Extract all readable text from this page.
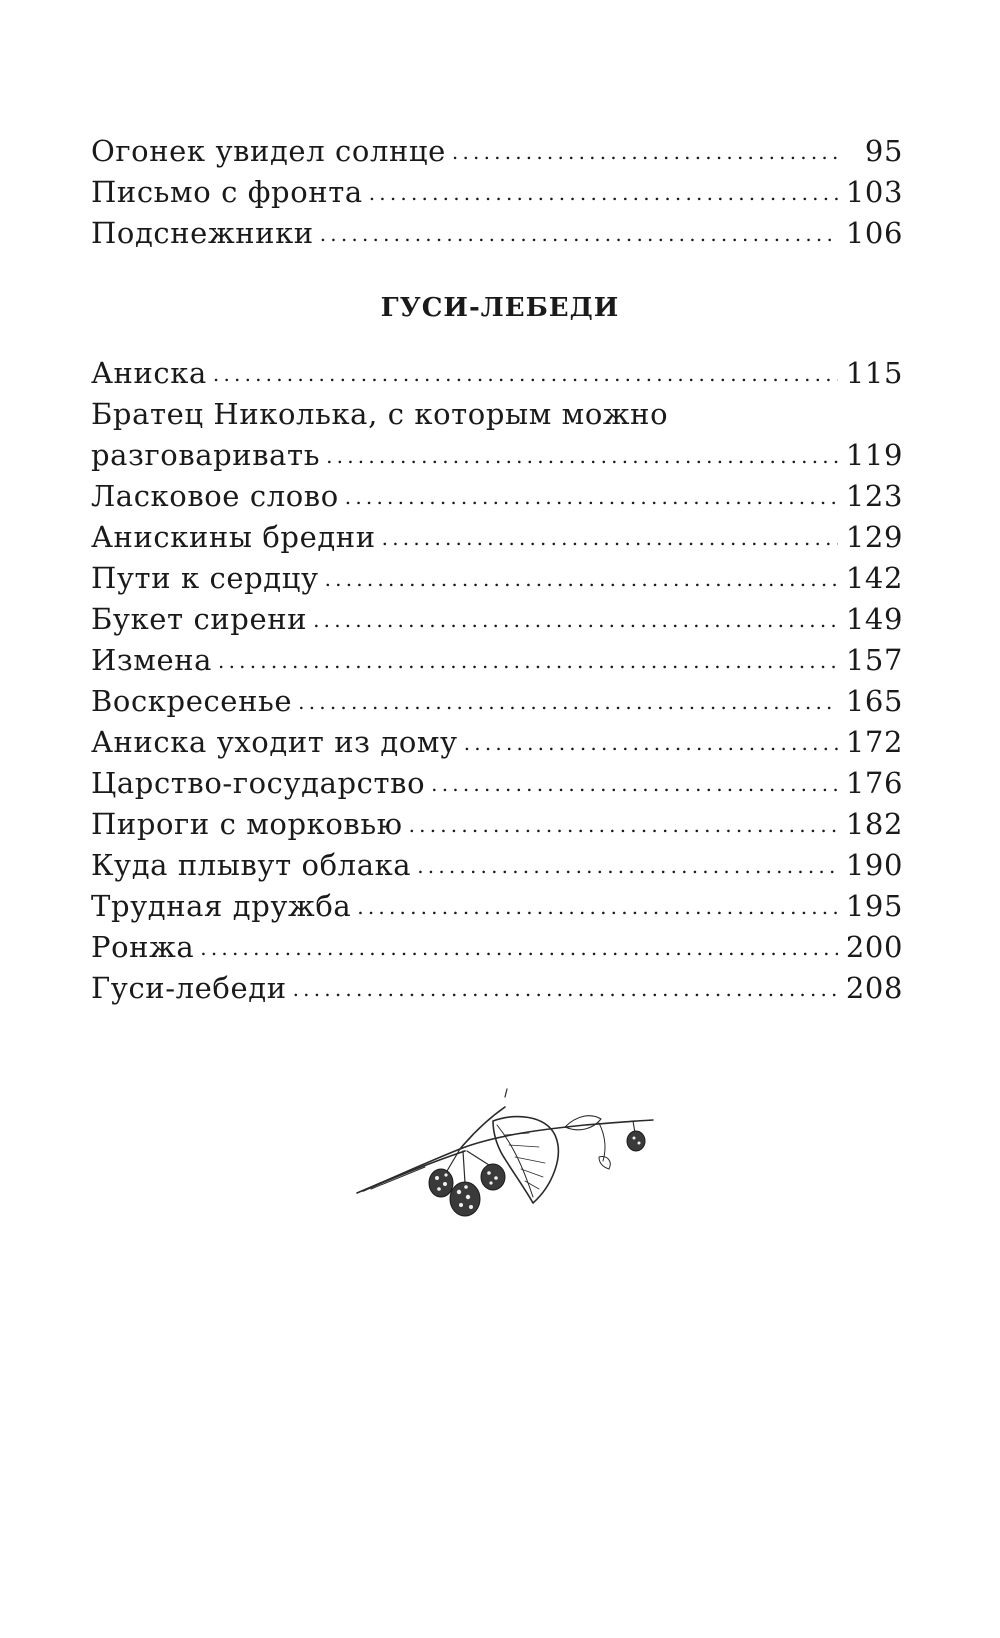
Огонек увидел солнце .....	95
Письмо с фронта .....	103
Подснежники .....	106
ГУСИ-ЛЕБЕДИ
Аниска .....	115
Братец Николька, с которым можно
разговаривать .....	119
Ласковое слово .....	123
Анискины бредни .....	129
Пути к сердцу .....	142
Букет сирени .....	149
Измена .....	157
Воскресенье .....	165
Аниска уходит из дому .....	172
Царство-государство .....	176
Пироги с морковью .....	182
Куда плывут облака .....	190
Трудная дружба .....	195
Ронжа .....	200
Гуси-лебеди .....	208
